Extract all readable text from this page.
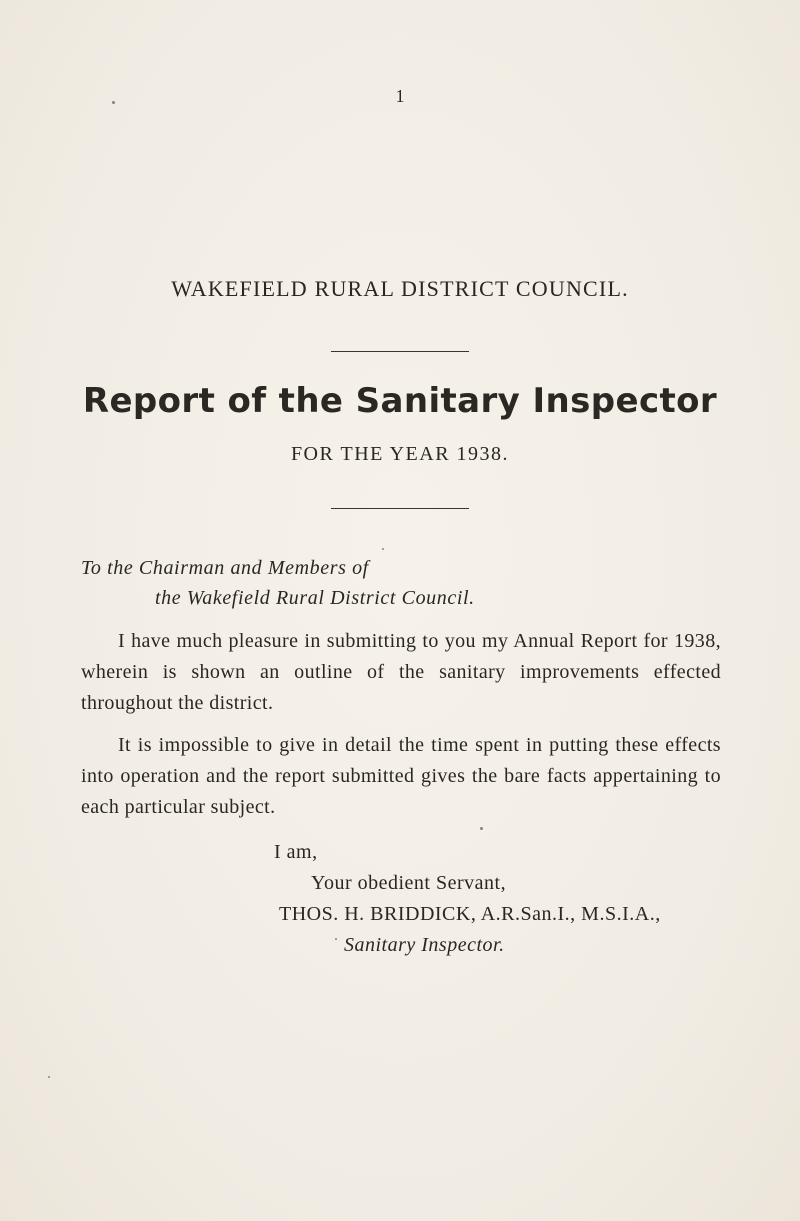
1
WAKEFIELD RURAL DISTRICT COUNCIL.
Report of the Sanitary Inspector
FOR THE YEAR 1938.
To the Chairman and Members of
the Wakefield Rural District Council.

I have much pleasure in submitting to you my Annual Report for 1938, wherein is shown an outline of the sanitary improvements effected throughout the district.

It is impossible to give in detail the time spent in putting these effects into operation and the report submitted gives the bare facts appertaining to each particular subject.

I am,
Your obedient Servant,
THOS. H. BRIDDICK, A.R.San.I., M.S.I.A.,
Sanitary Inspector.
